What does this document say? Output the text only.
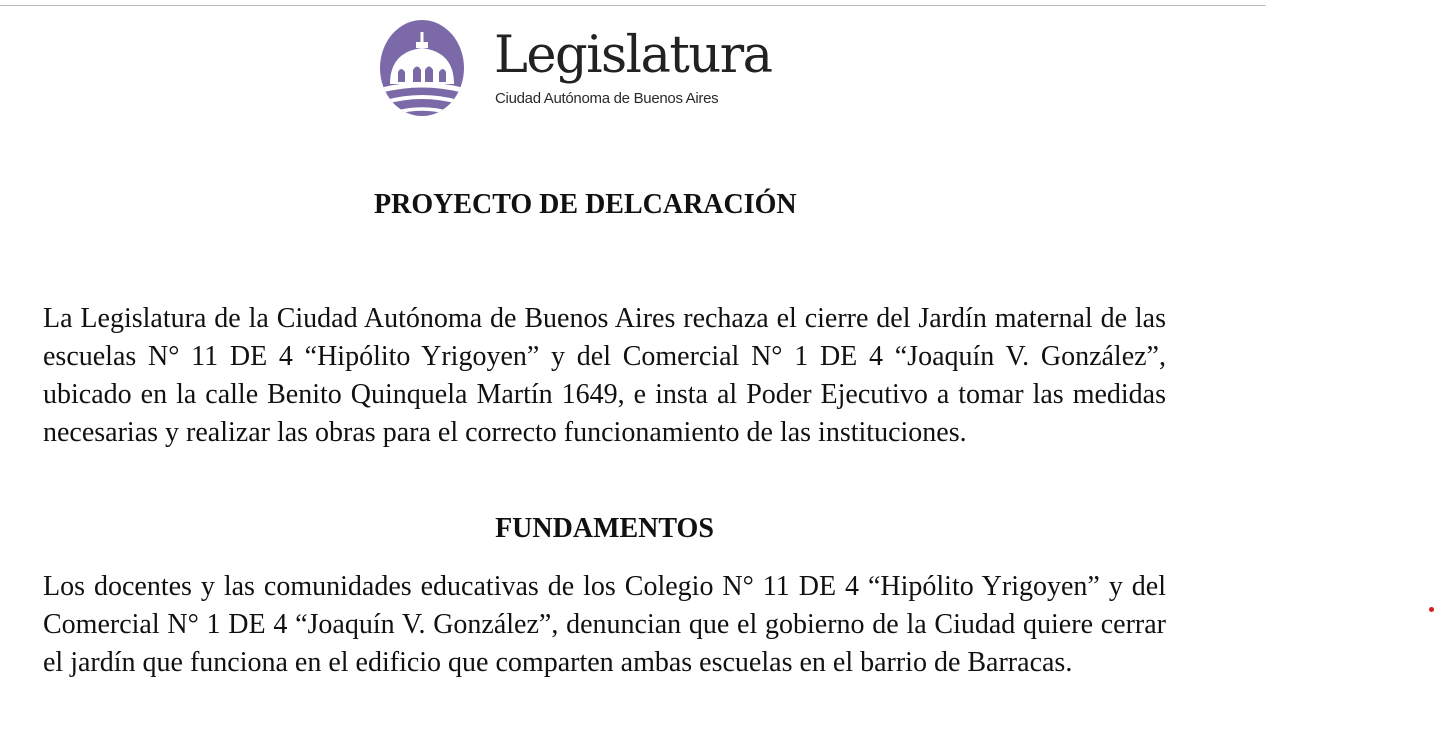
Legislatura
Ciudad Autónoma de Buenos Aires
PROYECTO DE DELCARACIÓN
La Legislatura de la Ciudad Autónoma de Buenos Aires rechaza el cierre del Jardín maternal de las escuelas N° 11 DE 4 “Hipólito Yrigoyen” y del Comercial N° 1 DE 4 “Joaquín V. González”, ubicado en la calle Benito Quinquela Martín 1649, e insta al Poder Ejecutivo a tomar las medidas necesarias y realizar las obras para el correcto funcionamiento de las instituciones.
FUNDAMENTOS
Los docentes y las comunidades educativas de los Colegio N° 11 DE 4 “Hipólito Yrigoyen” y del Comercial N° 1 DE 4 “Joaquín V. González”, denuncian que el gobierno de la Ciudad quiere cerrar el jardín que funciona en el edificio que comparten ambas escuelas en el barrio de Barracas.
